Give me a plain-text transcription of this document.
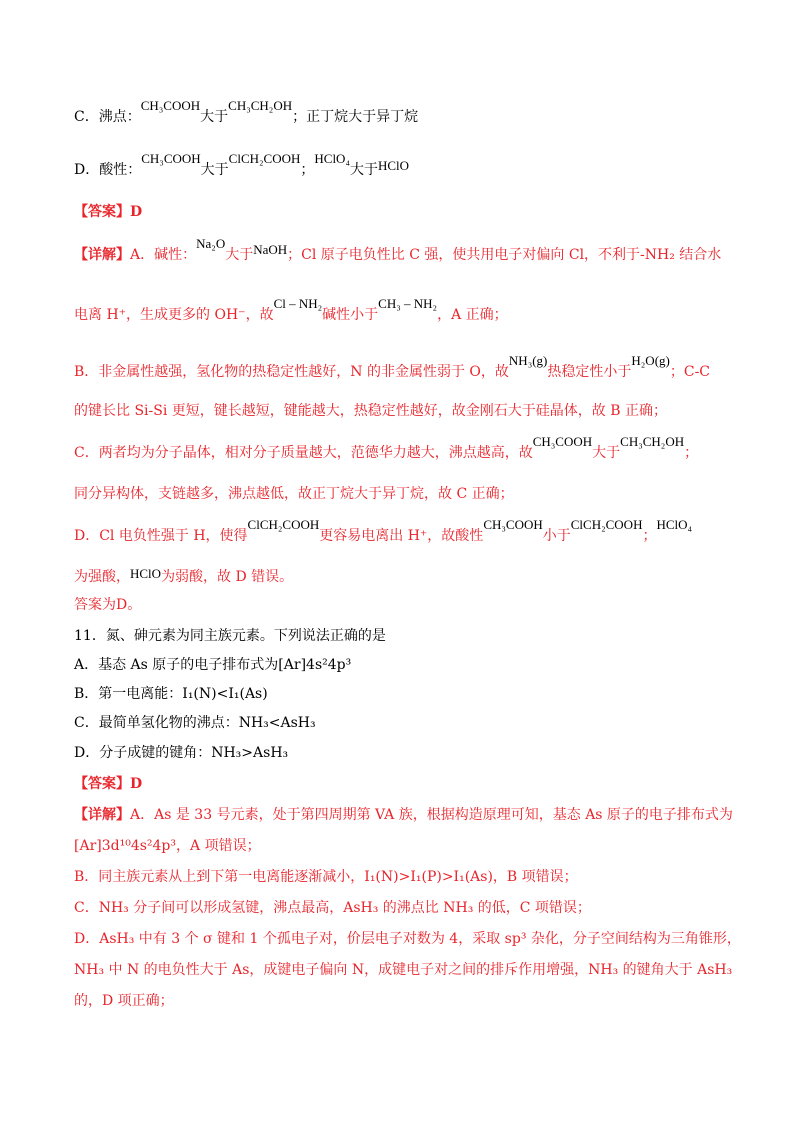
C．沸点：CH₃COOH大于CH₃CH₂OH；正丁烷大于异丁烷
D．酸性：CH₃COOH大于ClCH₂COOH；HClO₄大于HClO
【答案】D
【详解】A．碱性：Na₂O大于NaOH；Cl 原子电负性比 C 强，使共用电子对偏向 Cl，不利于-NH₂ 结合水
电离 H⁺，生成更多的 OH⁻，故Cl – NH₂碱性小于CH₃ – NH₂，A 正确；
B．非金属性越强，氢化物的热稳定性越好，N 的非金属性弱于 O，故NH₃(g)热稳定性小于H₂O(g)；C-C
的键长比 Si-Si 更短，键长越短，键能越大，热稳定性越好，故金刚石大于硅晶体，故 B 正确；
C．两者均为分子晶体，相对分子质量越大，范德华力越大，沸点越高，故CH₃COOH大于CH₃CH₂OH；
同分异构体，支链越多，沸点越低，故正丁烷大于异丁烷，故 C 正确；
D．Cl 电负性强于 H，使得ClCH₂COOH更容易电离出 H⁺，故酸性CH₃COOH小于ClCH₂COOH；HClO₄
为强酸，HClO为弱酸，故 D 错误。
答案为D。
11．氮、砷元素为同主族元素。下列说法正确的是
A．基态 As 原子的电子排布式为[Ar]4s²4p³
B．第一电离能：I₁(N)<I₁(As)
C．最简单氢化物的沸点：NH₃<AsH₃
D．分子成键的键角：NH₃>AsH₃
【答案】D
【详解】A．As 是 33 号元素，处于第四周期第 VA 族，根据构造原理可知，基态 As 原子的电子排布式为
[Ar]3d¹⁰4s²4p³，A 项错误；
B．同主族元素从上到下第一电离能逐渐减小，I₁(N)>I₁(P)>I₁(As)，B 项错误；
C．NH₃ 分子间可以形成氢键，沸点最高，AsH₃ 的沸点比 NH₃ 的低，C 项错误；
D．AsH₃ 中有 3 个 σ 键和 1 个孤电子对，价层电子对数为 4，采取 sp³ 杂化，分子空间结构为三角锥形，
NH₃ 中 N 的电负性大于 As，成键电子偏向 N，成键电子对之间的排斥作用增强，NH₃ 的键角大于 AsH₃
的，D 项正确；
